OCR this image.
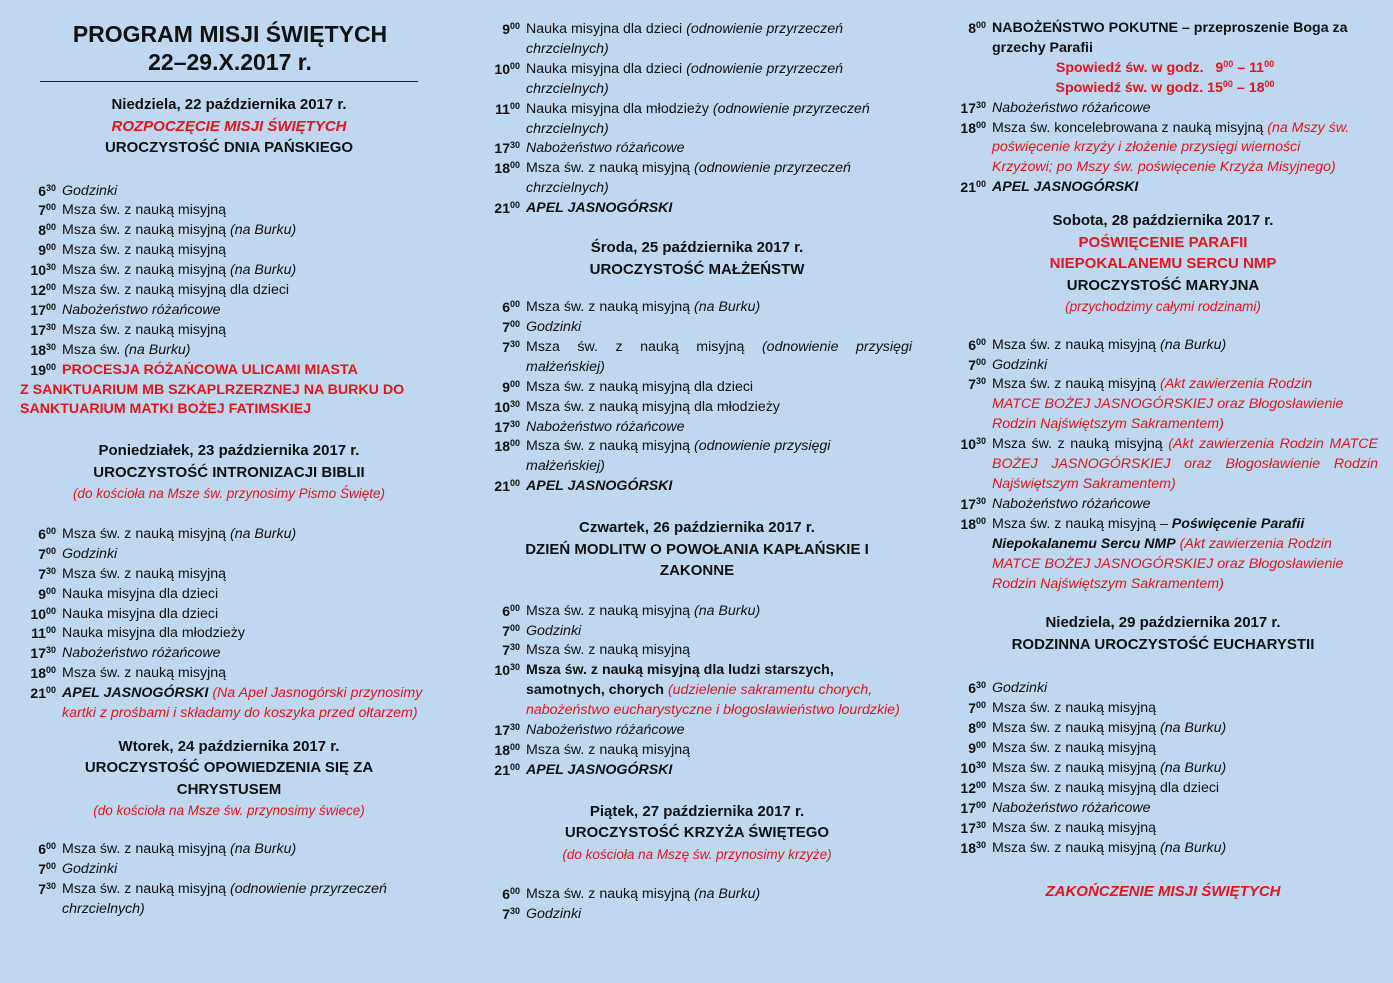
PROGRAM MISJI ŚWIĘTYCH
22–29.X.2017 r.
Niedziela, 22 października 2017 r.
ROZPOCZĘCIE MISJI ŚWIĘTYCH
UROCZYSTOŚĆ DNIA PAŃSKIEGO
$6^{30}$ Godzinki
$7^{00}$ Msza św. z nauką misyjną
$8^{00}$ Msza św. z nauką misyjną (na Burku)
$9^{00}$ Msza św. z nauką misyjną
$10^{30}$ Msza św. z nauką misyjną (na Burku)
$12^{00}$ Msza św. z nauką misyjną dla dzieci
$17^{00}$ Nabożeństwo różańcowe
$17^{30}$ Msza św. z nauką misyjną
$18^{30}$ Msza św. (na Burku)
$19^{00}$ PROCESJA RÓŻAŃCOWA ULICAMI MIASTA
Z SANKTUARIUM MB SZKAPLRZERZNEJ NA BURKU DO
SANKTUARIUM MATKI BOŻEJ FATIMSKIEJ
Poniedziałek, 23 października 2017 r.
UROCZYSTOŚĆ INTRONIZACJI BIBLII
(do kościoła na Msze św. przynosimy Pismo Święte)
$6^{00}$ Msza św. z nauką misyjną (na Burku)
$7^{00}$ Godzinki
$7^{30}$ Msza św. z nauką misyjną
$9^{00}$ Nauka misyjna dla dzieci
$10^{00}$ Nauka misyjna dla dzieci
$11^{00}$ Nauka misyjna dla młodzieży
$17^{30}$ Nabożeństwo różańcowe
$18^{00}$ Msza św. z nauką misyjną
$21^{00}$ APEL JASNOGÓRSKI (Na Apel Jasnogórski przynosimy kartki z prośbami i składamy do koszyka przed ołtarzem)
Wtorek, 24 października 2017 r.
UROCZYSTOŚĆ OPOWIEDZENIA SIĘ ZA
CHRYSTUSEM
(do kościoła na Msze św. przynosimy świece)
$6^{00}$ Msza św. z nauką misyjną (na Burku)
$7^{00}$ Godzinki
$7^{30}$ Msza św. z nauką misyjną (odnowienie przyrzeczeń chrzcielnych)
$9^{00}$ Nauka misyjna dla dzieci (odnowienie przyrzeczeń chrzcielnych)
$10^{00}$ Nauka misyjna dla dzieci (odnowienie przyrzeczeń chrzcielnych)
$11^{00}$ Nauka misyjna dla młodzieży (odnowienie przyrzeczeń chrzcielnych)
$17^{30}$ Nabożeństwo różańcowe
$18^{00}$ Msza św. z nauką misyjną (odnowienie przyrzeczeń chrzcielnych)
$21^{00}$ APEL JASNOGÓRSKI
Środa, 25 października 2017 r.
UROCZYSTOŚĆ MAŁŻEŃSTW
$6^{00}$ Msza św. z nauką misyjną (na Burku)
$7^{00}$ Godzinki
$7^{30}$ Msza św. z nauką misyjną (odnowienie przysięgi małżeńskiej)
$9^{00}$ Msza św. z nauką misyjną dla dzieci
$10^{30}$ Msza św. z nauką misyjną dla młodzieży
$17^{30}$ Nabożeństwo różańcowe
$18^{00}$ Msza św. z nauką misyjną (odnowienie przysięgi małżeńskiej)
$21^{00}$ APEL JASNOGÓRSKI
Czwartek, 26 października 2017 r.
DZIEŃ MODLITW O POWOŁANIA KAPŁAŃSKIE I
ZAKONNE
$6^{00}$ Msza św. z nauką misyjną (na Burku)
$7^{00}$ Godzinki
$7^{30}$ Msza św. z nauką misyjną
$10^{30}$ Msza św. z nauką misyjną dla ludzi starszych, samotnych, chorych (udzielenie sakramentu chorych, nabożeństwo eucharystyczne i błogosławieństwo lourdzkie)
$17^{30}$ Nabożeństwo różańcowe
$18^{00}$ Msza św. z nauką misyjną
$21^{00}$ APEL JASNOGÓRSKI
Piątek, 27 października 2017 r.
UROCZYSTOŚĆ KRZYŻA ŚWIĘTEGO
(do kościoła na Mszę św. przynosimy krzyże)
$6^{00}$ Msza św. z nauką misyjną (na Burku)
$7^{30}$ Godzinki
$8^{00}$ NABOŻEŃSTWO POKUTNE – przeproszenie Boga za grzechy Parafii
Spowiedź św. w godz. $9^{00} - 11^{00}$
Spowiedź św. w godz. $15^{00} - 18^{00}$
$17^{30}$ Nabożeństwo różańcowe
$18^{00}$ Msza św. koncelebrowana z nauką misyjną (na Mszy św. poświęcenie krzyży i złożenie przysięgi wierności Krzyżowi; po Mszy św. poświęcenie Krzyża Misyjnego)
$21^{00}$ APEL JASNOGÓRSKI
Sobota, 28 października 2017 r.
POŚWIĘCENIE PARAFII
NIEPOKALANEMU SERCU NMP
UROCZYSTOŚĆ MARYJNA
(przychodzimy całymi rodzinami)
$6^{00}$ Msza św. z nauką misyjną (na Burku)
$7^{00}$ Godzinki
$7^{30}$ Msza św. z nauką misyjną (Akt zawierzenia Rodzin MATCE BOŻEJ JASNOGÓRSKIEJ oraz Błogosławienie Rodzin Najświętszym Sakramentem)
$10^{30}$ Msza św. z nauką misyjną (Akt zawierzenia Rodzin MATCE BOŻEJ JASNOGÓRSKIEJ oraz Błogosławienie Rodzin Najświętszym Sakramentem)
$17^{30}$ Nabożeństwo różańcowe
$18^{00}$ Msza św. z nauką misyjną – Poświęcenie Parafii Niepokalanemu Sercu NMP (Akt zawierzenia Rodzin MATCE BOŻEJ JASNOGÓRSKIEJ oraz Błogosławienie Rodzin Najświętszym Sakramentem)
Niedziela, 29 października 2017 r.
RODZINNA UROCZYSTOŚĆ EUCHARYSTII
$6^{30}$ Godzinki
$7^{00}$ Msza św. z nauką misyjną
$8^{00}$ Msza św. z nauką misyjną (na Burku)
$9^{00}$ Msza św. z nauką misyjną
$10^{30}$ Msza św. z nauką misyjną (na Burku)
$12^{00}$ Msza św. z nauką misyjną dla dzieci
$17^{00}$ Nabożeństwo różańcowe
$17^{30}$ Msza św. z nauką misyjną
$18^{30}$ Msza św. z nauką misyjną (na Burku)
ZAKOŃCZENIE MISJI ŚWIĘTYCH
